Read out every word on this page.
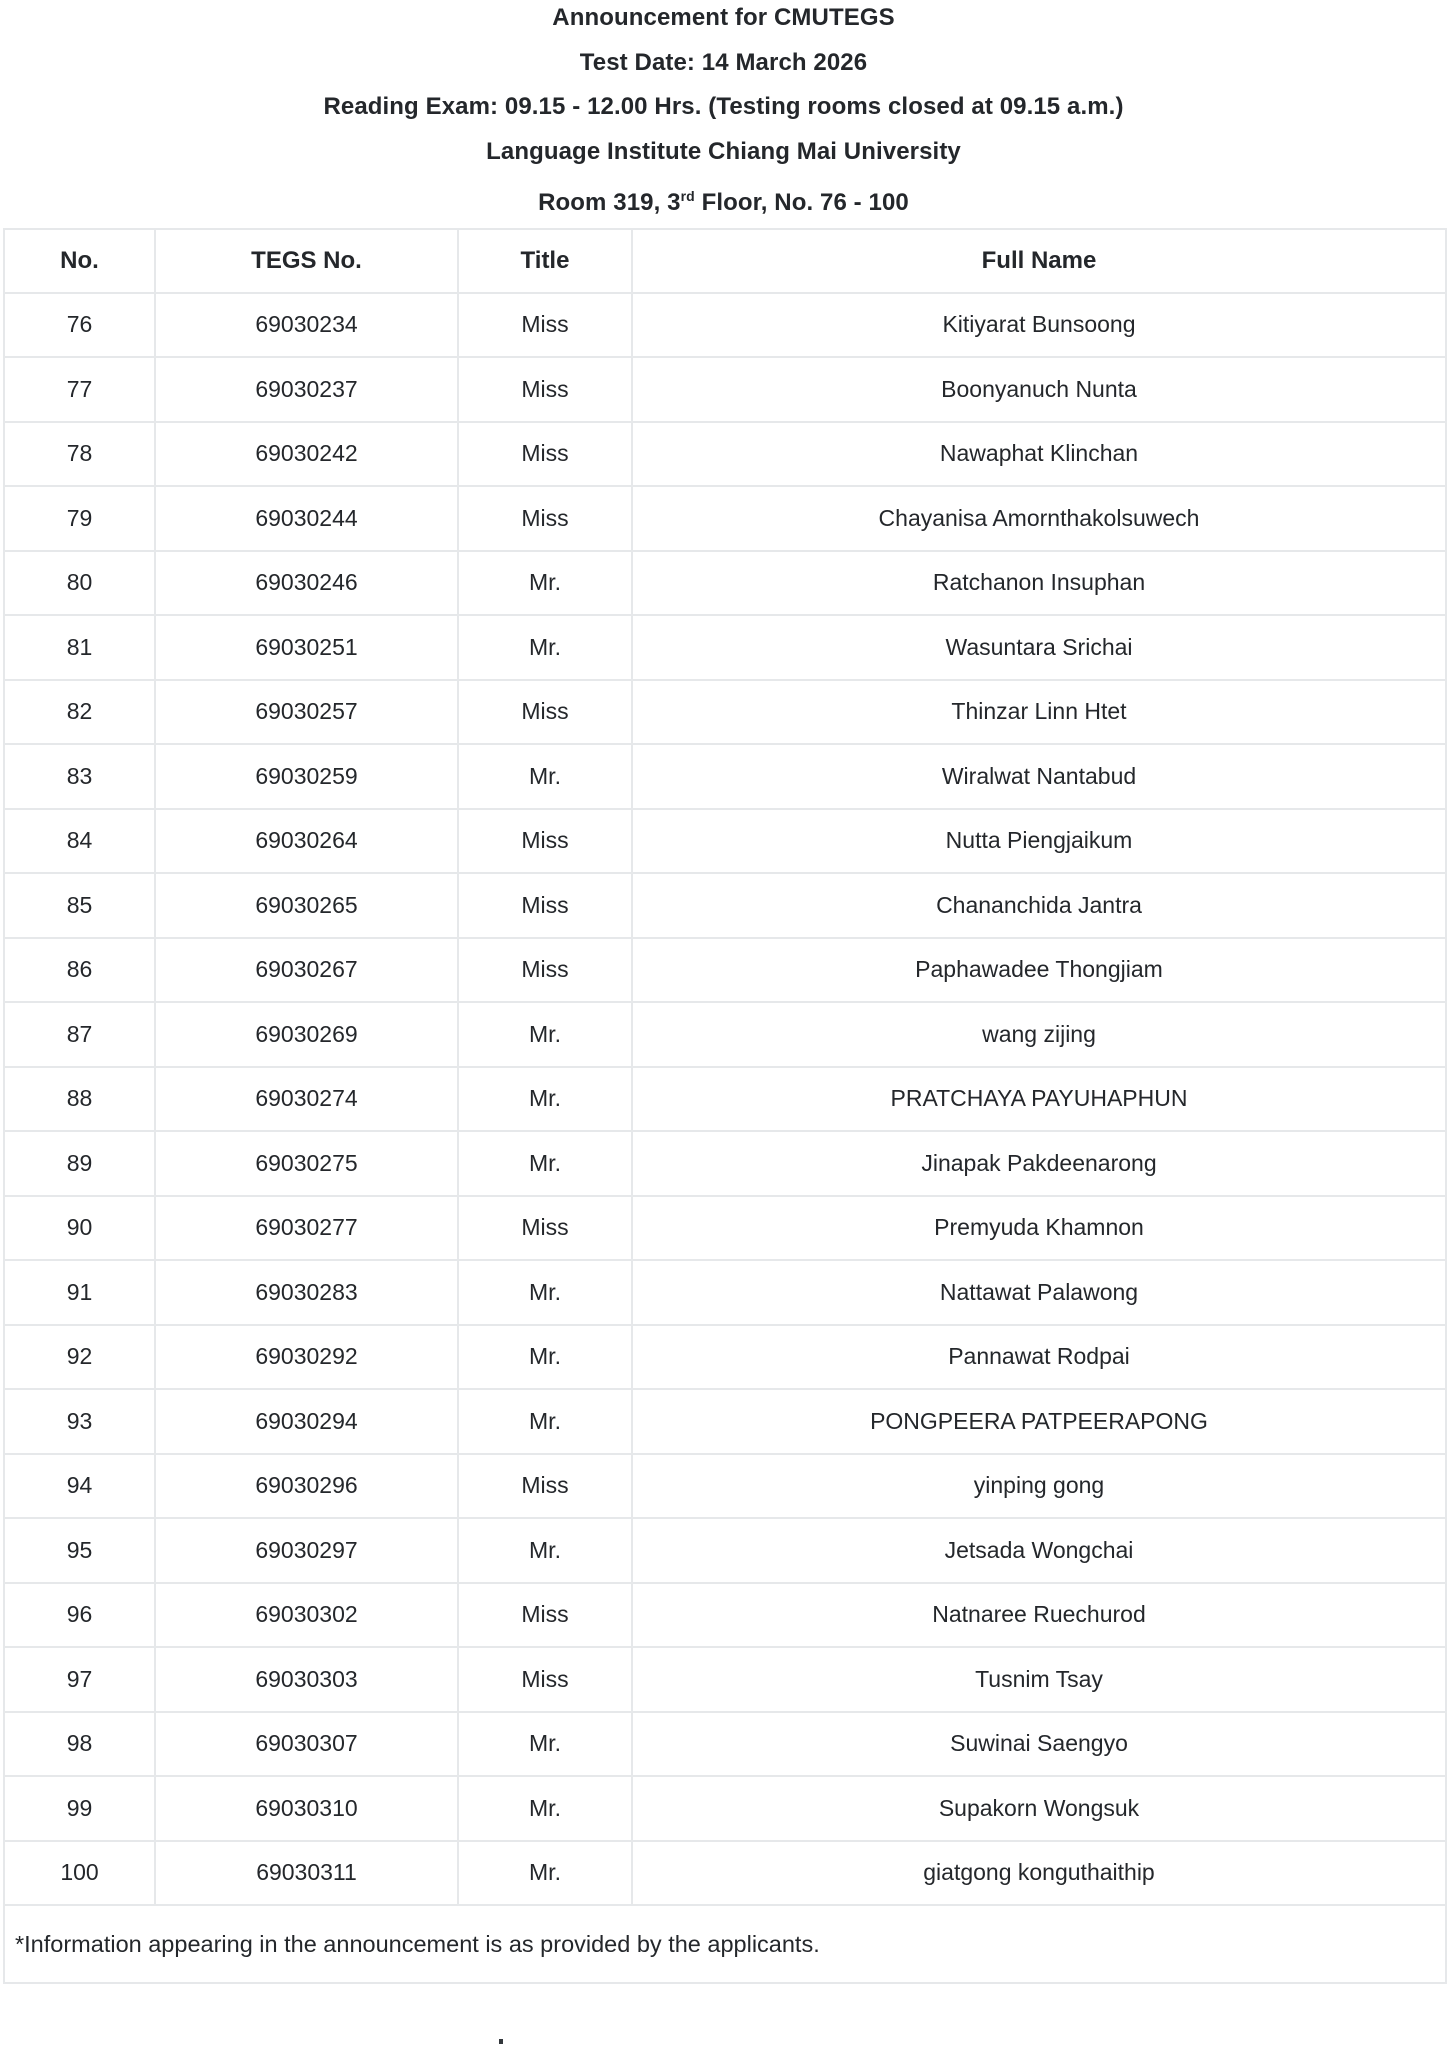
Announcement for CMUTEGS
Test Date: 14 March 2026
Reading Exam: 09.15 - 12.00 Hrs. (Testing rooms closed at 09.15 a.m.)
Language Institute Chiang Mai University
Room 319, 3rd Floor, No. 76 - 100
No.	TEGS No.	Title	Full Name
76	69030234	Miss	Kitiyarat Bunsoong
77	69030237	Miss	Boonyanuch Nunta
78	69030242	Miss	Nawaphat Klinchan
79	69030244	Miss	Chayanisa Amornthakolsuwech
80	69030246	Mr.	Ratchanon Insuphan
81	69030251	Mr.	Wasuntara Srichai
82	69030257	Miss	Thinzar Linn Htet
83	69030259	Mr.	Wiralwat Nantabud
84	69030264	Miss	Nutta Piengjaikum
85	69030265	Miss	Chananchida Jantra
86	69030267	Miss	Paphawadee Thongjiam
87	69030269	Mr.	wang zijing
88	69030274	Mr.	PRATCHAYA PAYUHAPHUN
89	69030275	Mr.	Jinapak Pakdeenarong
90	69030277	Miss	Premyuda Khamnon
91	69030283	Mr.	Nattawat Palawong
92	69030292	Mr.	Pannawat Rodpai
93	69030294	Mr.	PONGPEERA PATPEERAPONG
94	69030296	Miss	yinping gong
95	69030297	Mr.	Jetsada Wongchai
96	69030302	Miss	Natnaree Ruechurod
97	69030303	Miss	Tusnim Tsay
98	69030307	Mr.	Suwinai Saengyo
99	69030310	Mr.	Supakorn Wongsuk
100	69030311	Mr.	giatgong konguthaithip
*Information appearing in the announcement is as provided by the applicants.			
